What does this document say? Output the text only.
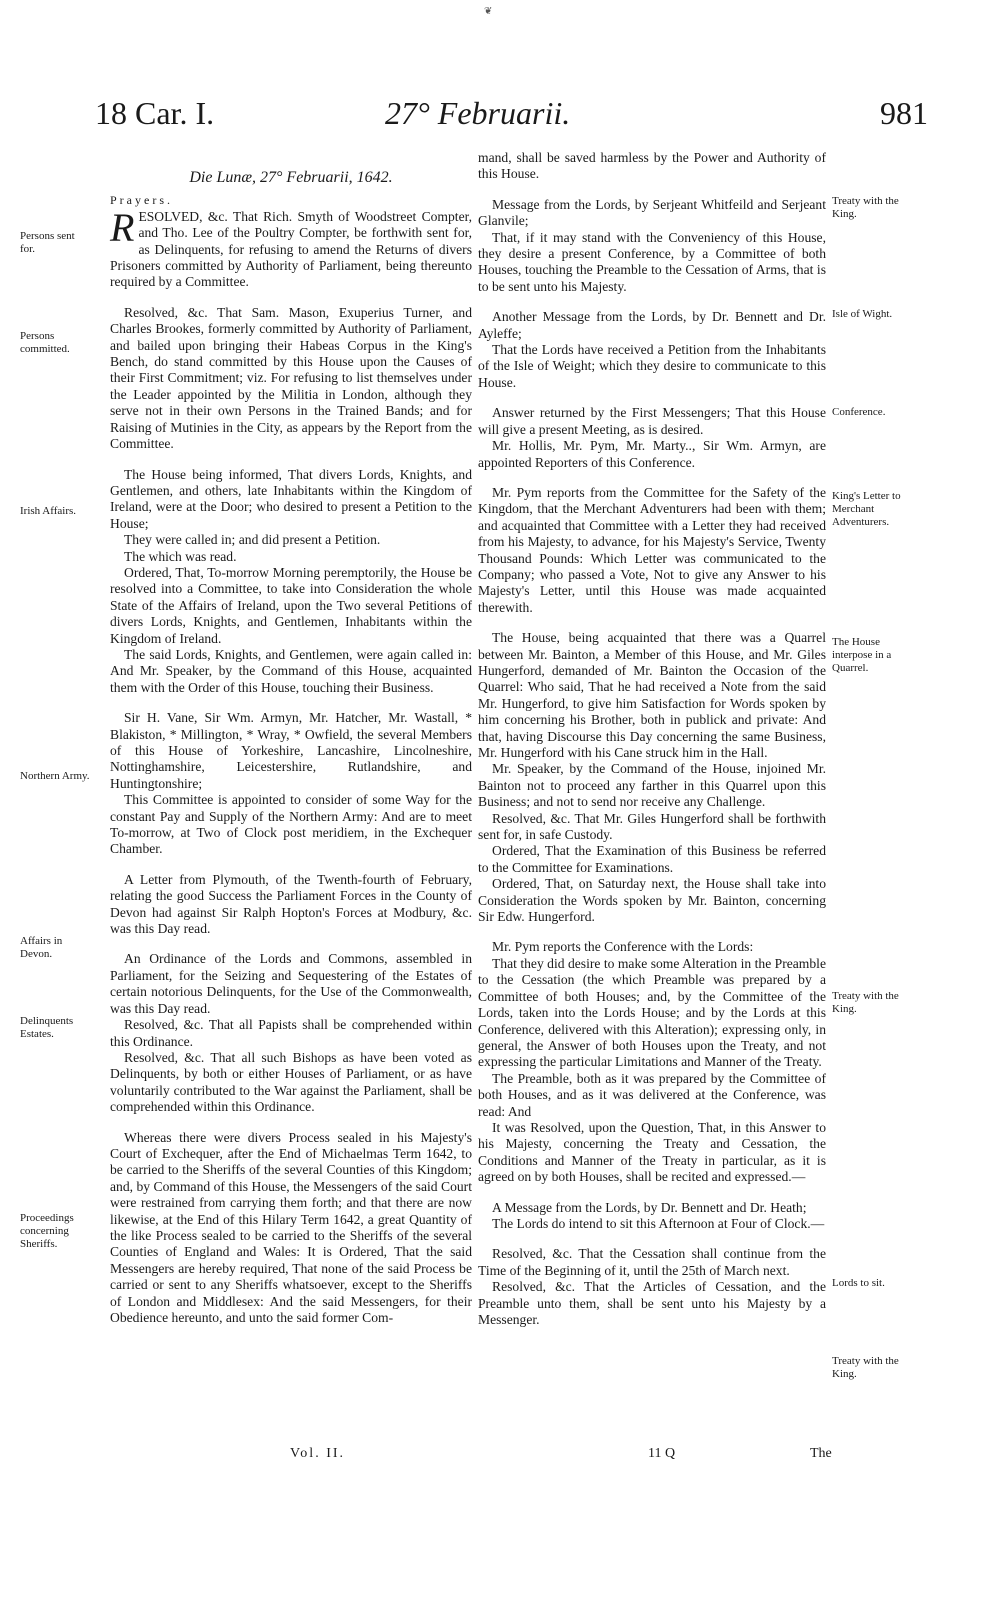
❦
18 Car. I.	27° Februarii.	981
Persons sent for.
Persons committed.
Irish Affairs.
Northern Army.
Affairs in Devon.
Delinquents Estates.
Proceedings concerning Sheriffs.
Treaty with the King.
Isle of Wight.
Conference.
King's Letter to Merchant Adventurers.
The House interpose in a Quarrel.
Treaty with the King.
Lords to sit.
Treaty with the King.
Die Lunæ, 27° Februarii, 1642.

Prayers.

RESOLVED, &c. That Rich. Smyth of Woodstreet Compter, and Tho. Lee of the Poultry Compter, be forthwith sent for, as Delinquents, for refusing to amend the Returns of divers Prisoners committed by Authority of Parliament, being thereunto required by a Committee.

Resolved, &c. That Sam. Mason, Exuperius Turner, and Charles Brookes, formerly committed by Authority of Parliament, and bailed upon bringing their Habeas Corpus in the King's Bench, do stand committed by this House upon the Causes of their First Commitment; viz. For refusing to list themselves under the Leader appointed by the Militia in London, although they serve not in their own Persons in the Trained Bands; and for Raising of Mutinies in the City, as appears by the Report from the Committee.

The House being informed, That divers Lords, Knights, and Gentlemen, and others, late Inhabitants within the Kingdom of Ireland, were at the Door; who desired to present a Petition to the House;

They were called in; and did present a Petition.

The which was read.

Ordered, That, To-morrow Morning peremptorily, the House be resolved into a Committee, to take into Consideration the whole State of the Affairs of Ireland, upon the Two several Petitions of divers Lords, Knights, and Gentlemen, Inhabitants within the Kingdom of Ireland.

The said Lords, Knights, and Gentlemen, were again called in: And Mr. Speaker, by the Command of this House, acquainted them with the Order of this House, touching their Business.

Sir H. Vane, Sir Wm. Armyn, Mr. Hatcher, Mr. Wastall, * Blakiston, * Millington, * Wray, * Owfield, the several Members of this House of Yorkeshire, Lancashire, Lincolneshire, Nottinghamshire, Leicestershire, Rutlandshire, and Huntingtonshire;

This Committee is appointed to consider of some Way for the constant Pay and Supply of the Northern Army: And are to meet To-morrow, at Two of Clock post meridiem, in the Exchequer Chamber.

A Letter from Plymouth, of the Twenth-fourth of February, relating the good Success the Parliament Forces in the County of Devon had against Sir Ralph Hopton's Forces at Modbury, &c. was this Day read.

An Ordinance of the Lords and Commons, assembled in Parliament, for the Seizing and Sequestering of the Estates of certain notorious Delinquents, for the Use of the Commonwealth, was this Day read.

Resolved, &c. That all Papists shall be comprehended within this Ordinance.

Resolved, &c. That all such Bishops as have been voted as Delinquents, by both or either Houses of Parliament, or as have voluntarily contributed to the War against the Parliament, shall be comprehended within this Ordinance.

Whereas there were divers Process sealed in his Majesty's Court of Exchequer, after the End of Michaelmas Term 1642, to be carried to the Sheriffs of the several Counties of this Kingdom; and, by Command of this House, the Messengers of the said Court were restrained from carrying them forth; and that there are now likewise, at the End of this Hilary Term 1642, a great Quantity of the like Process sealed to be carried to the Sheriffs of the several Counties of England and Wales: It is Ordered, That the said Messengers are hereby required, That none of the said Process be carried or sent to any Sheriffs whatsoever, except to the Sheriffs of London and Middlesex: And the said Messengers, for their Obedience hereunto, and unto the said former Com-

mand, shall be saved harmless by the Power and Authority of this House.

Message from the Lords, by Serjeant Whitfeild and Serjeant Glanvile;

That, if it may stand with the Conveniency of this House, they desire a present Conference, by a Committee of both Houses, touching the Preamble to the Cessation of Arms, that is to be sent unto his Majesty.

Another Message from the Lords, by Dr. Bennett and Dr. Ayleffe;

That the Lords have received a Petition from the Inhabitants of the Isle of Weight; which they desire to communicate to this House.

Answer returned by the First Messengers; That this House will give a present Meeting, as is desired.

Mr. Hollis, Mr. Pym, Mr. Marty.., Sir Wm. Armyn, are appointed Reporters of this Conference.

Mr. Pym reports from the Committee for the Safety of the Kingdom, that the Merchant Adventurers had been with them; and acquainted that Committee with a Letter they had received from his Majesty, to advance, for his Majesty's Service, Twenty Thousand Pounds: Which Letter was communicated to the Company; who passed a Vote, Not to give any Answer to his Majesty's Letter, until this House was made acquainted therewith.

The House, being acquainted that there was a Quarrel between Mr. Bainton, a Member of this House, and Mr. Giles Hungerford, demanded of Mr. Bainton the Occasion of the Quarrel: Who said, That he had received a Note from the said Mr. Hungerford, to give him Satisfaction for Words spoken by him concerning his Brother, both in publick and private: And that, having Discourse this Day concerning the same Business, Mr. Hungerford with his Cane struck him in the Hall.

Mr. Speaker, by the Command of the House, injoined Mr. Bainton not to proceed any farther in this Quarrel upon this Business; and not to send nor receive any Challenge.

Resolved, &c. That Mr. Giles Hungerford shall be forthwith sent for, in safe Custody.

Ordered, That the Examination of this Business be referred to the Committee for Examinations.

Ordered, That, on Saturday next, the House shall take into Consideration the Words spoken by Mr. Bainton, concerning Sir Edw. Hungerford.

Mr. Pym reports the Conference with the Lords:

That they did desire to make some Alteration in the Preamble to the Cessation (the which Preamble was prepared by a Committee of both Houses; and, by the Committee of the Lords, taken into the Lords House; and by the Lords at this Conference, delivered with this Alteration); expressing only, in general, the Answer of both Houses upon the Treaty, and not expressing the particular Limitations and Manner of the Treaty.

The Preamble, both as it was prepared by the Committee of both Houses, and as it was delivered at the Conference, was read: And

It was Resolved, upon the Question, That, in this Answer to his Majesty, concerning the Treaty and Cessation, the Conditions and Manner of the Treaty in particular, as it is agreed on by both Houses, shall be recited and expressed.—

A Message from the Lords, by Dr. Bennett and Dr. Heath;

The Lords do intend to sit this Afternoon at Four of Clock.—

Resolved, &c. That the Cessation shall continue from the Time of the Beginning of it, until the 25th of March next.

Resolved, &c. That the Articles of Cessation, and the Preamble unto them, shall be sent unto his Majesty by a Messenger.

Vol. II.	11 Q	The
